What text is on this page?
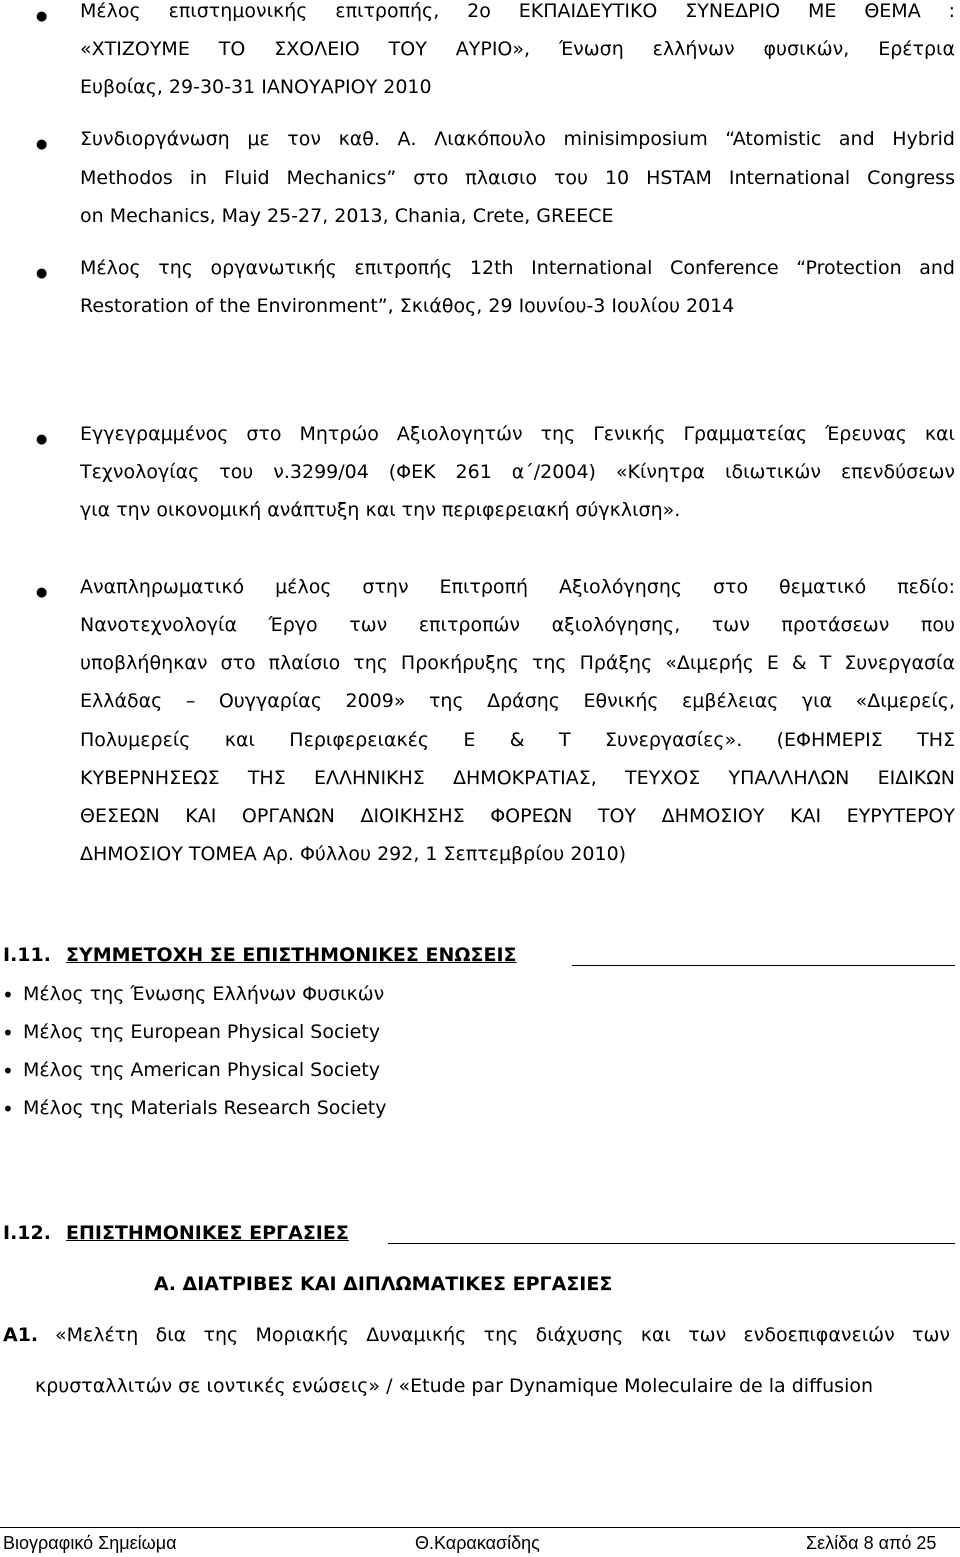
● Μέλος επιστημονικής επιτροπής, 2ο ΕΚΠΑΙΔΕΥΤΙΚΟ ΣΥΝΕΔΡΙΟ ΜΕ ΘΕΜΑ :
«ΧΤΙΖΟΥΜΕ ΤΟ ΣΧΟΛΕΙΟ ΤΟΥ ΑΥΡΙΟ», Ένωση ελλήνων φυσικών, Ερέτρια
Ευβοίας, 29-30-31 ΙΑΝΟΥΑΡΙΟΥ 2010
● Συνδιοργάνωση με τον καθ. Α. Λιακόπουλο minisimposium “Atomistic and Hybrid
Methodos in Fluid Mechanics” στο πλαισιο του 10 HSTAM International Congress
on Mechanics, May 25-27, 2013, Chania, Crete, GREECE
● Μέλος της οργανωτικής επιτροπής 12th International Conference “Protection and
Restoration of the Environment”, Σκιάθος, 29 Ιουνίου-3 Ιουλίου 2014
● Εγγεγραμμένος στο Μητρώο Αξιολογητών της Γενικής Γραμματείας Έρευνας και
Τεχνολογίας του ν.3299/04 (ΦΕΚ 261 α΄/2004) «Κίνητρα ιδιωτικών επενδύσεων
για την οικονομική ανάπτυξη και την περιφερειακή σύγκλιση».
● Αναπληρωματικό μέλος στην Επιτροπή Αξιολόγησης στο θεματικό πεδίο:
Νανοτεχνολογία Έργο των επιτροπών αξιολόγησης, των προτάσεων που
υποβλήθηκαν στο πλαίσιο της Προκήρυξης της Πράξης «Διμερής Ε & Τ Συνεργασία
Ελλάδας – Ουγγαρίας 2009» της Δράσης Εθνικής εμβέλειας για «Διμερείς,
Πολυμερείς και Περιφερειακές Ε & Τ Συνεργασίες». (ΕΦΗΜΕΡΙΣ ΤΗΣ
ΚΥΒΕΡΝΗΣΕΩΣ ΤΗΣ ΕΛΛΗΝΙΚΗΣ ΔΗΜΟΚΡΑΤΙΑΣ, ΤΕΥΧΟΣ ΥΠΑΛΛΗΛΩΝ ΕΙΔΙΚΩΝ
ΘΕΣΕΩΝ ΚΑΙ ΟΡΓΑΝΩΝ ΔΙΟΙΚΗΣΗΣ ΦΟΡΕΩΝ ΤΟΥ ΔΗΜΟΣΙΟΥ ΚΑΙ ΕΥΡΥΤΕΡΟΥ
ΔΗΜΟΣΙΟΥ ΤΟΜΕΑ Αρ. Φύλλου 292, 1 Σεπτεμβρίου 2010)
I.11. ΣΥΜΜΕΤΟΧΗ ΣΕ ΕΠΙΣΤΗΜΟΝΙΚΕΣ ΕΝΩΣΕΙΣ
• Μέλος της Ένωσης Ελλήνων Φυσικών
• Μέλος της European Physical Society
• Μέλος της American Physical Society
• Μέλος της Materials Research Society
I.12. ΕΠΙΣΤΗΜΟΝΙΚΕΣ ΕΡΓΑΣΙΕΣ
Α. ΔΙΑΤΡΙΒΕΣ ΚΑΙ ΔΙΠΛΩΜΑΤΙΚΕΣ ΕΡΓΑΣΙΕΣ
Α1. «Μελέτη δια της Μοριακής Δυναμικής της διάχυσης και των ενδοεπιφανειών των
κρυσταλλιτών σε ιοντικές ενώσεις» / «Etude par Dynamique Moleculaire de la diffusion
Βιογραφικό Σημείωμα	Θ.Καρακασίδης	Σελίδα 8 από 25
